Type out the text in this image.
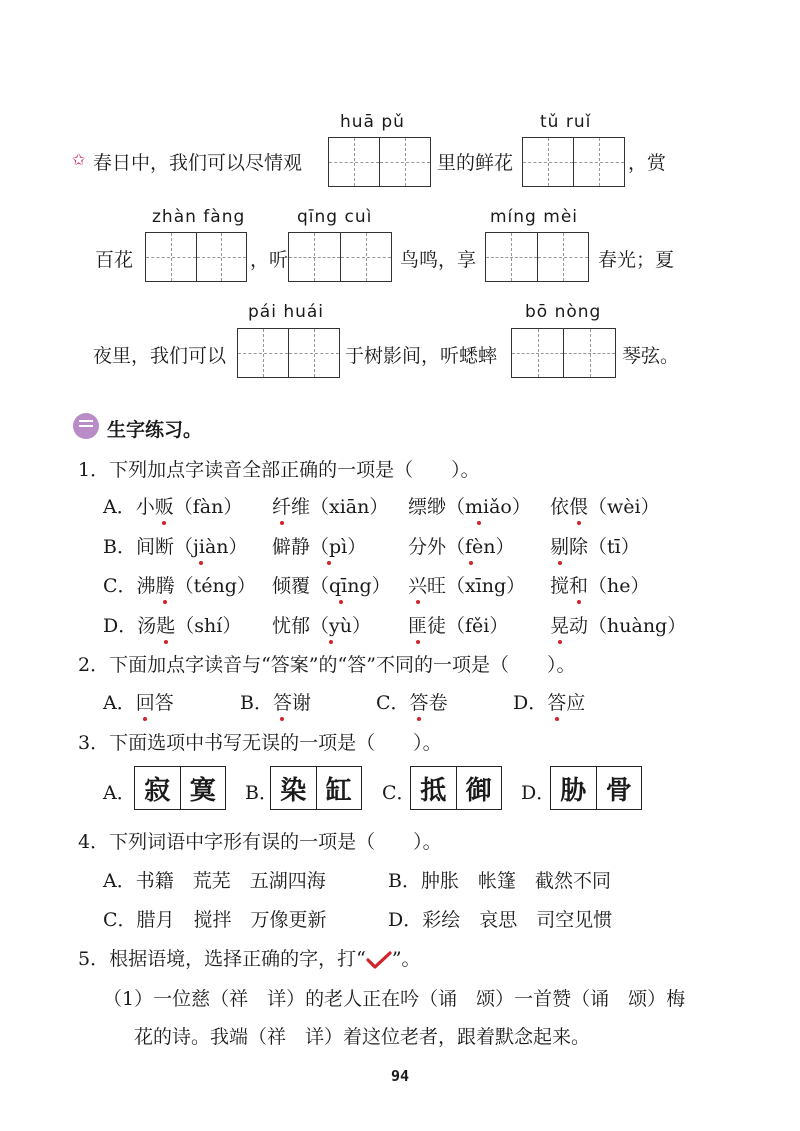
✩ 春日中，我们可以尽情观
huā pǔ
里的鲜花
tǔ ruǐ
，赏
百花
zhàn fàng
，听
qīng cuì
鸟鸣，享
míng mèi
春光；夏
夜里，我们可以
pái huái
于树影间，听蟋蟀
bō nòng
琴弦。
生字练习。
1．下列加点字读音全部正确的一项是（　　）。
A．小贩（fàn） 纤维（xiān） 缥缈（miǎo） 依偎（wèi）
B．间断（jiàn） 僻静（pì） 分外（fèn） 剔除（tī）
C．沸腾（téng） 倾覆（qīng） 兴旺（xīng） 搅和（he）
D．汤匙（shí） 忧郁（yù） 匪徒（fěi） 晃动（huàng）
2．下面加点字读音与“答案”的“答”不同的一项是（　　）。
A．回答	B．答谢	C．答卷	D．答应
3．下面选项中书写无误的一项是（　　）。
A． 寂 寞	B． 染 缸	C． 抵 御	D． 胁 骨
4．下列词语中字形有误的一项是（　　）。
A．书籍　荒芜　五湖四海	B．肿胀　帐篷　截然不同
C．腊月　搅拌　万像更新	D．彩绘　哀思　司空见惯
5．根据语境，选择正确的字，打“ ”。
（1）一位慈（祥　详）的老人正在吟（诵　颂）一首赞（诵　颂）梅
花的诗。我端（祥　详）着这位老者，跟着默念起来。
94
